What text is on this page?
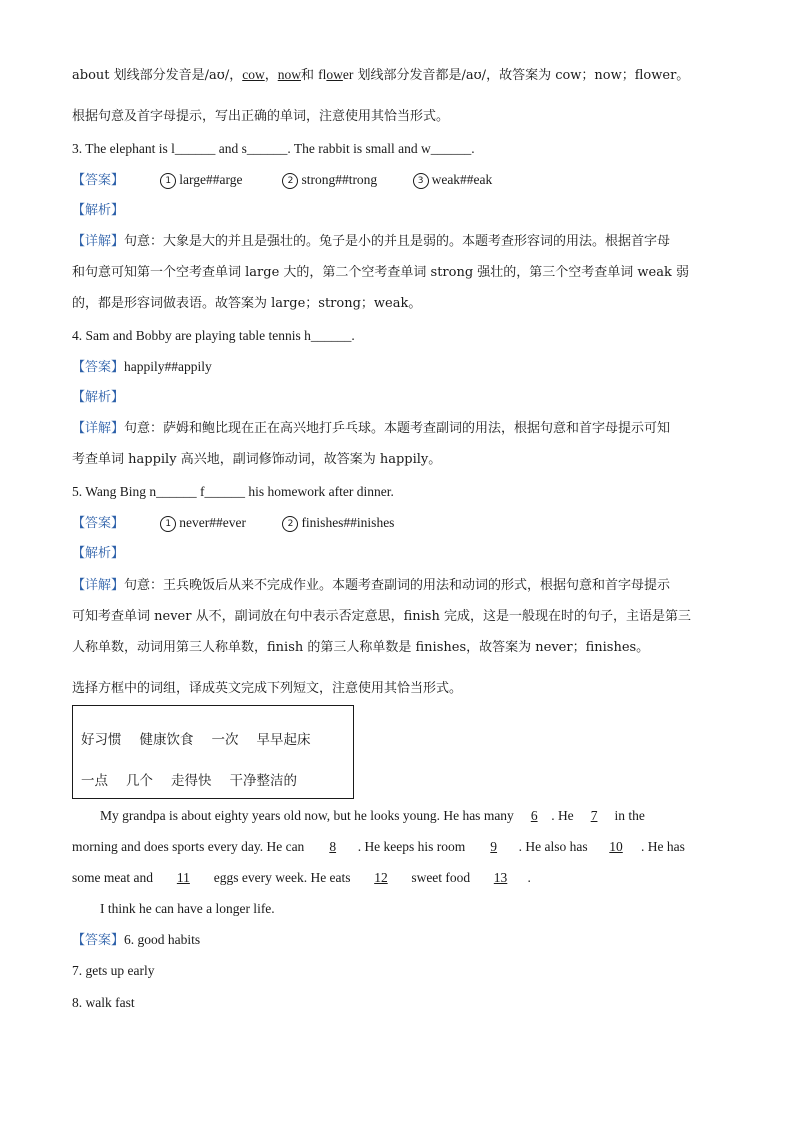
about 划线部分发音是/aʊ/，cow，now和 flower 划线部分发音都是/aʊ/，故答案为 cow；now；flower。
根据句意及首字母提示，写出正确的单词，注意使用其恰当形式。
3. The elephant is l______ and s______. The rabbit is small and w______.
【答案】	1 large##arge	2 strong##trong	3 weak##eak
【解析】
【详解】句意：大象是大的并且是强壮的。兔子是小的并且是弱的。本题考查形容词的用法。根据首字母
和句意可知第一个空考查单词 large 大的，第二个空考查单词 strong 强壮的，第三个空考查单词 weak 弱
的，都是形容词做表语。故答案为 large；strong；weak。
4. Sam and Bobby are playing table tennis h______.
【答案】happily##appily
【解析】
【详解】句意：萨姆和鲍比现在正在高兴地打乒乓球。本题考查副词的用法，根据句意和首字母提示可知
考查单词 happily 高兴地，副词修饰动词，故答案为 happily。
5. Wang Bing n______ f______ his homework after dinner.
【答案】	1 never##ever	2 finishes##inishes
【解析】
【详解】句意：王兵晚饭后从来不完成作业。本题考查副词的用法和动词的形式，根据句意和首字母提示
可知考查单词 never 从不，副词放在句中表示否定意思，finish 完成，这是一般现在时的句子，主语是第三
人称单数，动词用第三人称单数，finish 的第三人称单数是 finishes，故答案为 never；finishes。
选择方框中的词组，译成英文完成下列短文，注意使用其恰当形式。
好习惯 健康饮食 一次 早早起床
一点 几个 走得快 干净整洁的
My grandpa is about eighty years old now, but he looks young. He has many 6 . He 7 in the
morning and does sports every day. He can 8 . He keeps his room 9 . He also has 10 . He has
some meat and 11 eggs every week. He eats 12 sweet food 13 .
I think he can have a longer life.
【答案】6. good habits
7. gets up early
8. walk fast
